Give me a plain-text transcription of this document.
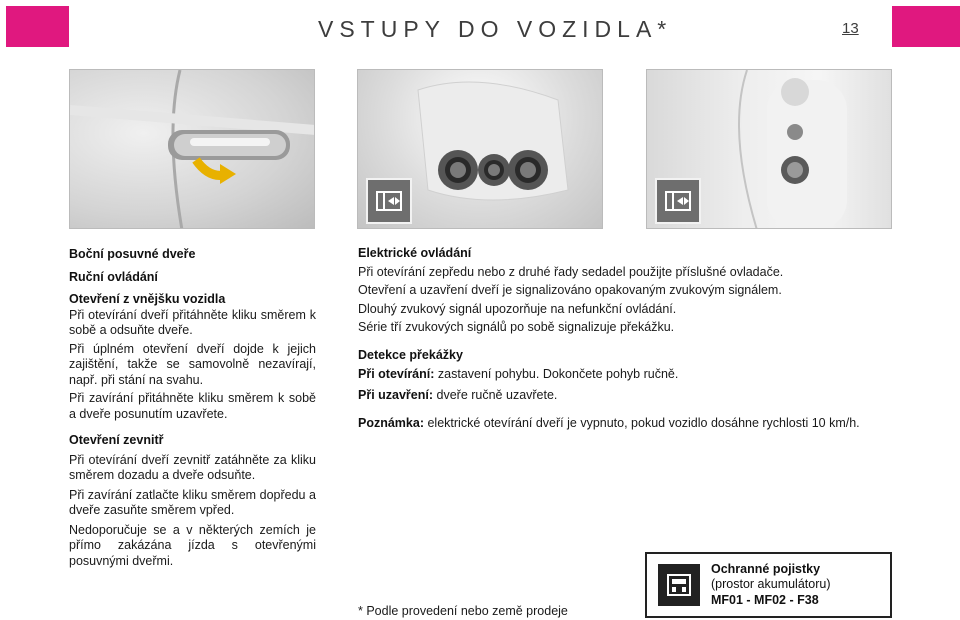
VSTUPY DO VOZIDLA*	13

Boční posuvné dveře

Ruční ovládání

Otevření z vnějšku vozidla

Při otevírání dveří přitáhněte kliku směrem k sobě a odsuňte dveře.

Při úplném otevření dveří dojde k jejich zajištění, takže se samovolně nezavírají, např. při stání na svahu.

Při zavírání přitáhněte kliku směrem k sobě a dveře posunutím uzavřete.

Otevření zevnitř

Při otevírání dveří zevnitř zatáhněte za kliku směrem dozadu a dveře odsuňte.

Při zavírání zatlačte kliku směrem dopředu a dveře zasuňte směrem vpřed.

Nedoporučuje se a v některých zemích je přímo zakázána jízda s otevřenými posuvnými dveřmi.

Elektrické ovládání

Při otevírání zepředu nebo z druhé řady sedadel použijte příslušné ovladače.

Otevření a uzavření dveří je signalizováno opakovaným zvukovým signálem.

Dlouhý zvukový signál upozorňuje na nefunkční ovládání.

Série tří zvukových signálů po sobě signalizuje překážku.

Detekce překážky

Při otevírání: zastavení pohybu. Dokončete pohyb ručně.

Při uzavření: dveře ručně uzavřete.

Poznámka: elektrické otevírání dveří je vypnuto, pokud vozidlo dosáhne rychlosti 10 km/h.

* Podle provedení nebo země prodeje

Ochranné pojistky
(prostor akumulátoru)
MF01 - MF02 - F38
